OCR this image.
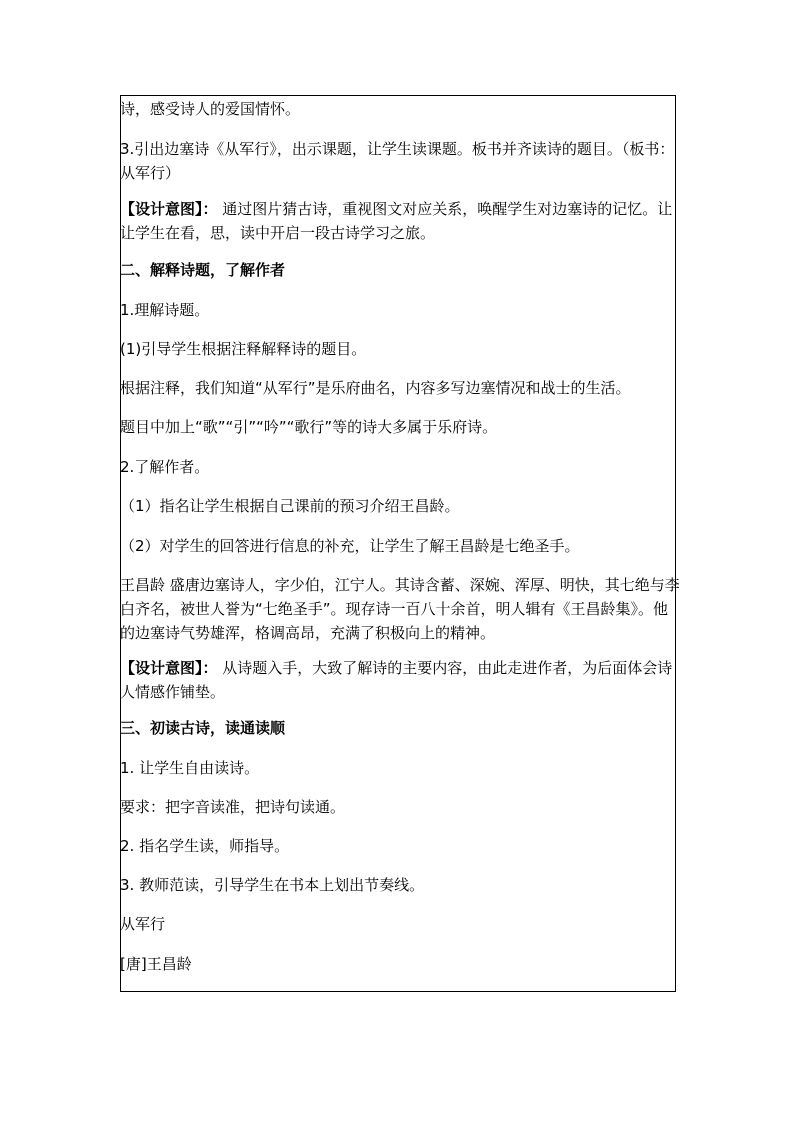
诗，感受诗人的爱国情怀。

3.引出边塞诗《从军行》，出示课题，让学生读课题。板书并齐读诗的题目。（板书：从军行）

【设计意图】： 通过图片猜古诗，重视图文对应关系，唤醒学生对边塞诗的记忆。让让学生在看，思，读中开启一段古诗学习之旅。

二、解释诗题，了解作者

1.理解诗题。

(1)引导学生根据注释解释诗的题目。

根据注释，我们知道“从军行”是乐府曲名，内容多写边塞情况和战士的生活。

题目中加上“歌”“引”“吟”“歌行”等的诗大多属于乐府诗。

2.了解作者。

（1）指名让学生根据自己课前的预习介绍王昌龄。

（2）对学生的回答进行信息的补充，让学生了解王昌龄是七绝圣手。

王昌龄 盛唐边塞诗人，字少伯，江宁人。其诗含蓄、深婉、浑厚、明快，其七绝与李白齐名，被世人誉为“七绝圣手”。现存诗一百八十余首，明人辑有《王昌龄集》。他的边塞诗气势雄浑，格调高昂，充满了积极向上的精神。

【设计意图】： 从诗题入手，大致了解诗的主要内容，由此走进作者，为后面体会诗人情感作铺垫。

三、初读古诗，读通读顺

1. 让学生自由读诗。

要求：把字音读准，把诗句读通。

2. 指名学生读，师指导。

3. 教师范读，引导学生在书本上划出节奏线。

从军行

[唐]王昌龄
